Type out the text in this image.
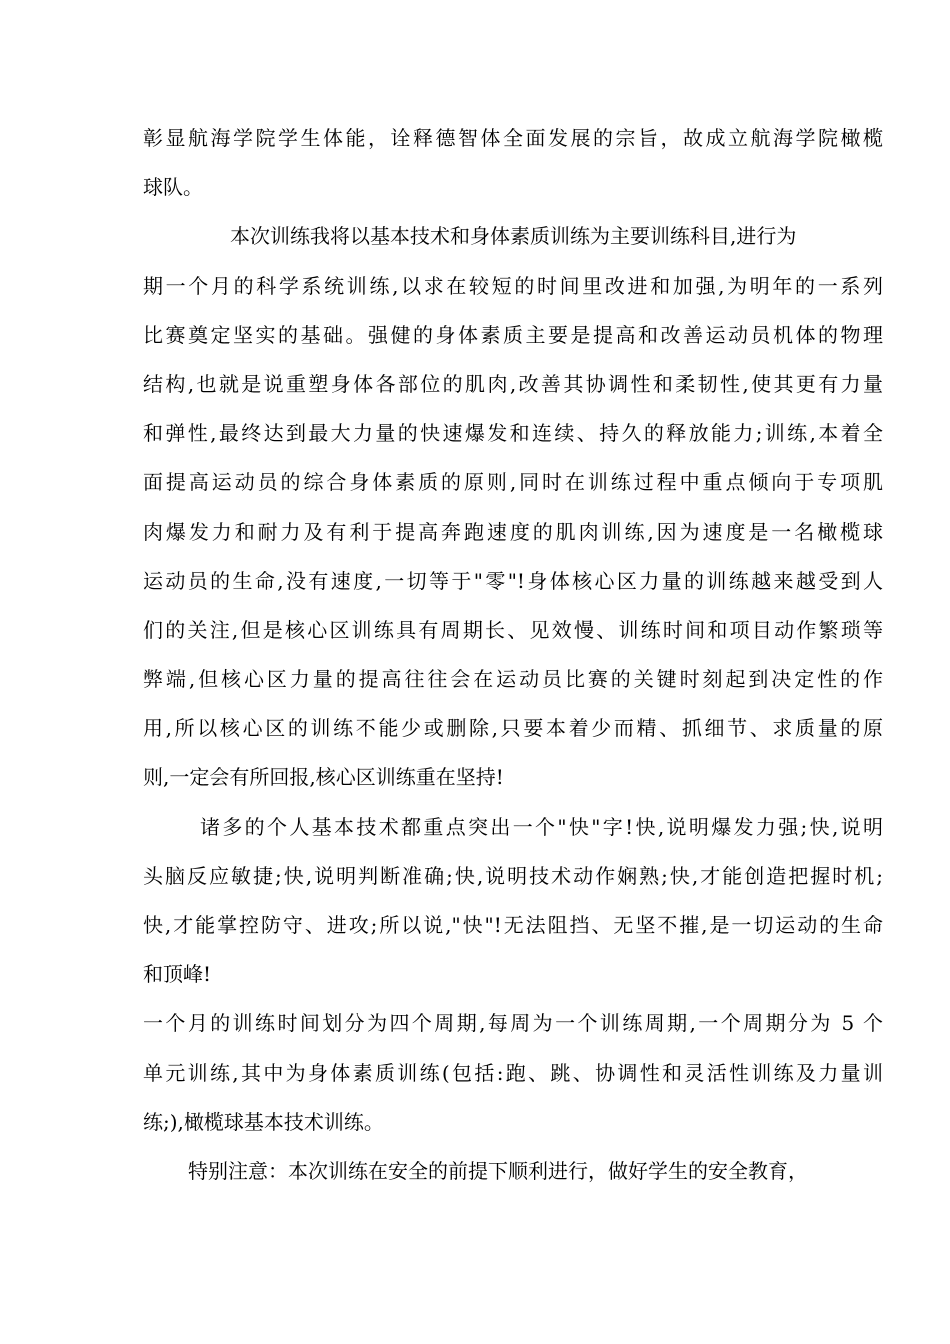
彰显航海学院学生体能，诠释德智体全面发展的宗旨，故成立航海学院橄榄
球队。
本次训练我将以基本技术和身体素质训练为主要训练科目,进行为
期一个月的科学系统训练,以求在较短的时间里改进和加强,为明年的一系列
比赛奠定坚实的基础。强健的身体素质主要是提高和改善运动员机体的物理
结构,也就是说重塑身体各部位的肌肉,改善其协调性和柔韧性,使其更有力量
和弹性,最终达到最大力量的快速爆发和连续、持久的释放能力;训练,本着全
面提高运动员的综合身体素质的原则,同时在训练过程中重点倾向于专项肌
肉爆发力和耐力及有利于提高奔跑速度的肌肉训练,因为速度是一名橄榄球
运动员的生命,没有速度,一切等于"零"!身体核心区力量的训练越来越受到人
们的关注,但是核心区训练具有周期长、见效慢、训练时间和项目动作繁琐等
弊端,但核心区力量的提高往往会在运动员比赛的关键时刻起到决定性的作
用,所以核心区的训练不能少或删除,只要本着少而精、抓细节、求质量的原
则,一定会有所回报,核心区训练重在坚持!
诸多的个人基本技术都重点突出一个"快"字!快,说明爆发力强;快,说明
头脑反应敏捷;快,说明判断准确;快,说明技术动作娴熟;快,才能创造把握时机;
快,才能掌控防守、进攻;所以说,"快"!无法阻挡、无坚不摧,是一切运动的生命
和顶峰!
一个月的训练时间划分为四个周期,每周为一个训练周期,一个周期分为 5 个
单元训练,其中为身体素质训练(包括:跑、跳、协调性和灵活性训练及力量训
练;),橄榄球基本技术训练。
特别注意：本次训练在安全的前提下顺利进行，做好学生的安全教育，
